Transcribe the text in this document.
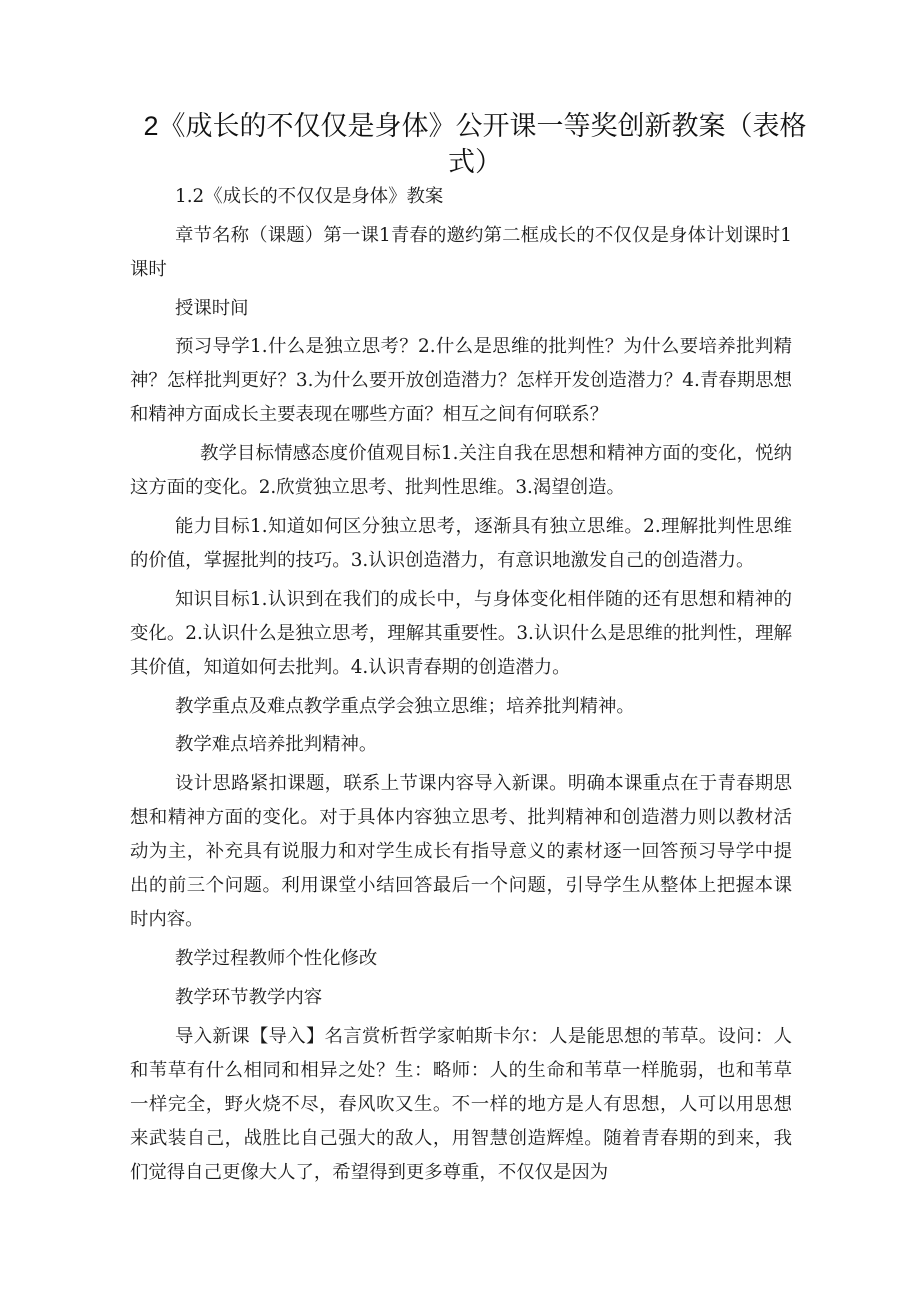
2《成长的不仅仅是身体》公开课一等奖创新教案（表格式）

1.2《成长的不仅仅是身体》教案

章节名称（课题）第一课1青春的邀约第二框成长的不仅仅是身体计划课时1课时

授课时间

预习导学1.什么是独立思考？2.什么是思维的批判性？为什么要培养批判精神？怎样批判更好？3.为什么要开放创造潜力？怎样开发创造潜力？4.青春期思想和精神方面成长主要表现在哪些方面？相互之间有何联系？

教学目标情感态度价值观目标1.关注自我在思想和精神方面的变化，悦纳这方面的变化。2.欣赏独立思考、批判性思维。3.渴望创造。

能力目标1.知道如何区分独立思考，逐渐具有独立思维。2.理解批判性思维的价值，掌握批判的技巧。3.认识创造潜力，有意识地激发自己的创造潜力。

知识目标1.认识到在我们的成长中，与身体变化相伴随的还有思想和精神的变化。2.认识什么是独立思考，理解其重要性。3.认识什么是思维的批判性，理解其价值，知道如何去批判。4.认识青春期的创造潜力。

教学重点及难点教学重点学会独立思维；培养批判精神。

教学难点培养批判精神。

设计思路紧扣课题，联系上节课内容导入新课。明确本课重点在于青春期思想和精神方面的变化。对于具体内容独立思考、批判精神和创造潜力则以教材活动为主，补充具有说服力和对学生成长有指导意义的素材逐一回答预习导学中提出的前三个问题。利用课堂小结回答最后一个问题，引导学生从整体上把握本课时内容。

教学过程教师个性化修改

教学环节教学内容

导入新课【导入】名言赏析哲学家帕斯卡尔：人是能思想的苇草。设问：人和苇草有什么相同和相异之处？生：略师：人的生命和苇草一样脆弱，也和苇草一样完全，野火烧不尽，春风吹又生。不一样的地方是人有思想，人可以用思想来武装自己，战胜比自己强大的敌人，用智慧创造辉煌。随着青春期的到来，我们觉得自己更像大人了，希望得到更多尊重，不仅仅是因为
